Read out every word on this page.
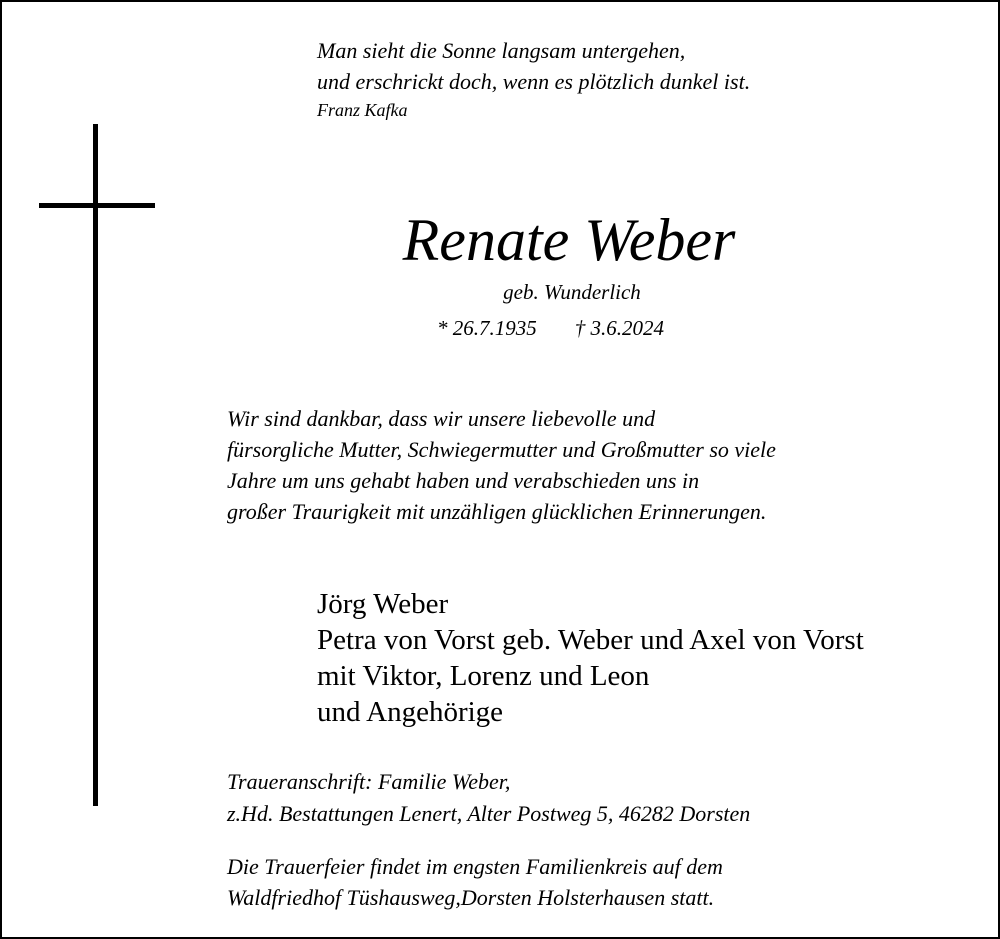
Man sieht die Sonne langsam untergehen,
und erschrickt doch, wenn es plötzlich dunkel ist.
Franz Kafka
Renate Weber
geb. Wunderlich
* 26.7.1935 † 3.6.2024
Wir sind dankbar, dass wir unsere liebevolle und
fürsorgliche Mutter, Schwiegermutter und Großmutter so viele
Jahre um uns gehabt haben und verabschieden uns in
großer Traurigkeit mit unzähligen glücklichen Erinnerungen.
Jörg Weber
Petra von Vorst geb. Weber und Axel von Vorst
mit Viktor, Lorenz und Leon
und Angehörige
Traueranschrift: Familie Weber,
z.Hd. Bestattungen Lenert, Alter Postweg 5, 46282 Dorsten
Die Trauerfeier findet im engsten Familienkreis auf dem
Waldfriedhof Tüshausweg,Dorsten Holsterhausen statt.
